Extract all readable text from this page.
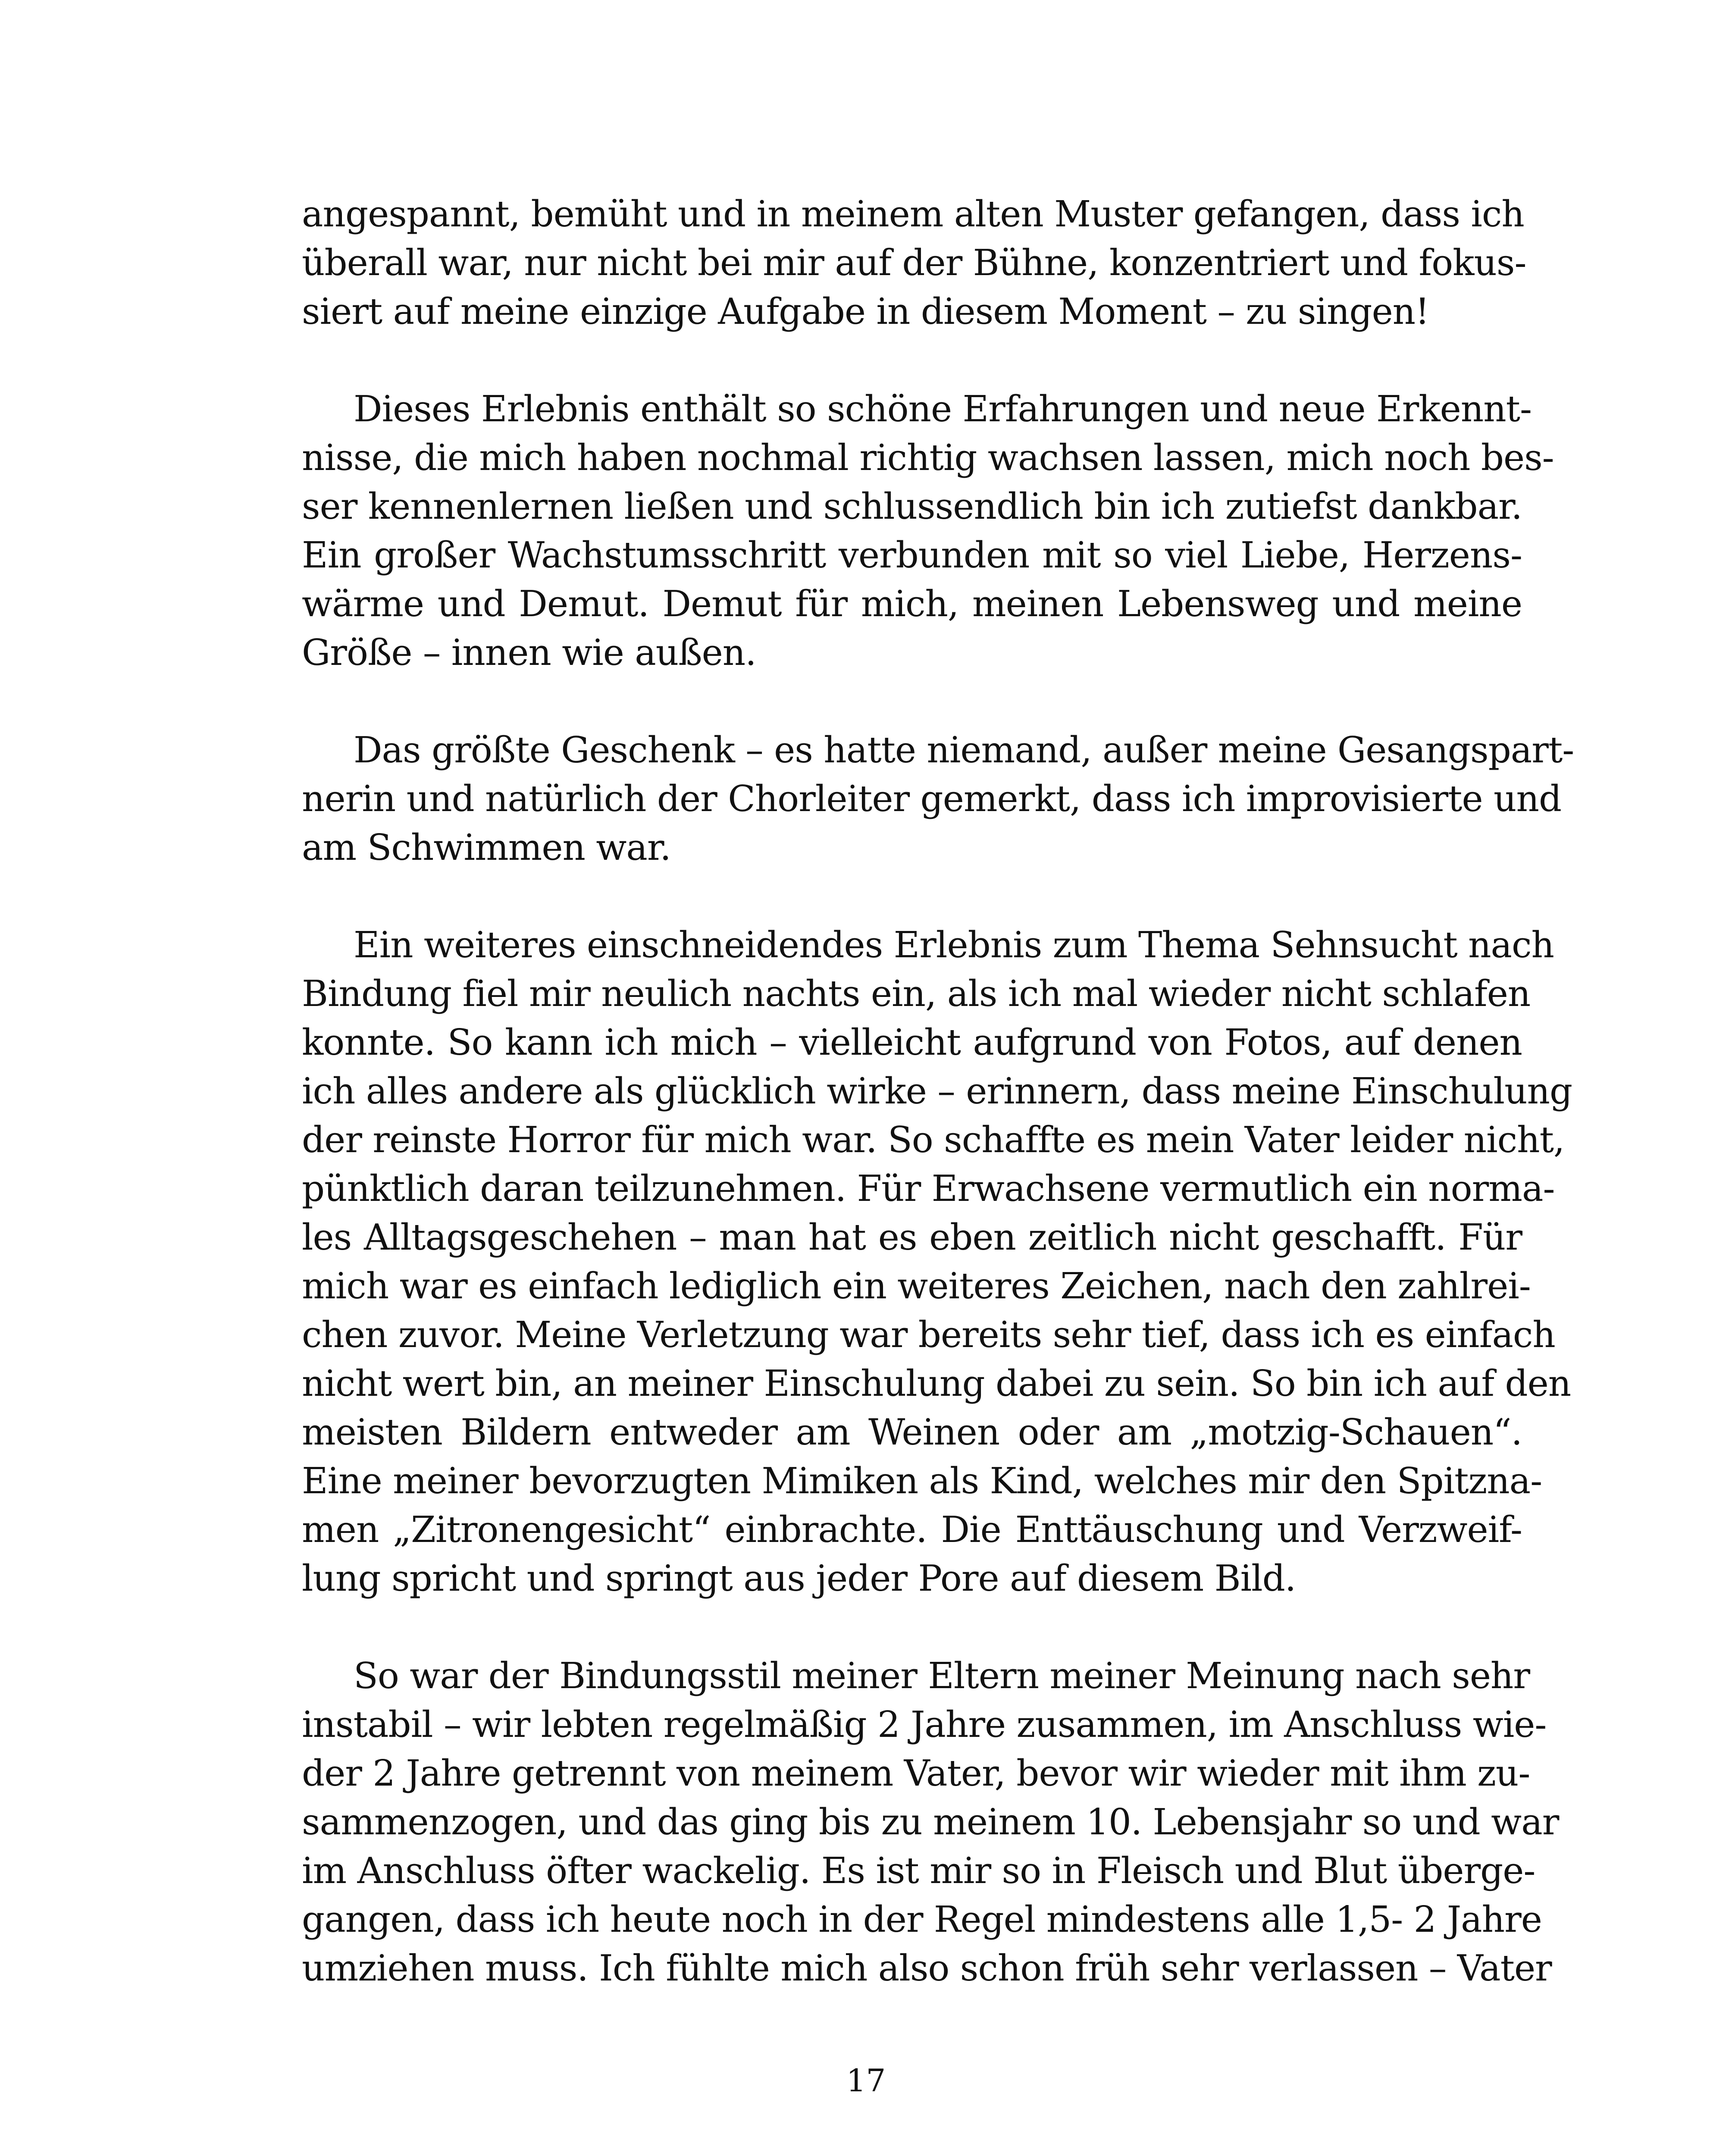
angespannt, bemüht und in meinem alten Muster gefangen, dass ich
überall war, nur nicht bei mir auf der Bühne, konzentriert und fokus-
siert auf meine einzige Aufgabe in diesem Moment – zu singen!
Dieses Erlebnis enthält so schöne Erfahrungen und neue Erkennt-
nisse, die mich haben nochmal richtig wachsen lassen, mich noch bes-
ser kennenlernen ließen und schlussendlich bin ich zutiefst dankbar.
Ein großer Wachstumsschritt verbunden mit so viel Liebe, Herzens-
wärme und Demut. Demut für mich, meinen Lebensweg und meine
Größe – innen wie außen.
Das größte Geschenk – es hatte niemand, außer meine Gesangspart-
nerin und natürlich der Chorleiter gemerkt, dass ich improvisierte und
am Schwimmen war.
Ein weiteres einschneidendes Erlebnis zum Thema Sehnsucht nach
Bindung fiel mir neulich nachts ein, als ich mal wieder nicht schlafen
konnte. So kann ich mich – vielleicht aufgrund von Fotos, auf denen
ich alles andere als glücklich wirke – erinnern, dass meine Einschulung
der reinste Horror für mich war. So schaffte es mein Vater leider nicht,
pünktlich daran teilzunehmen. Für Erwachsene vermutlich ein norma-
les Alltagsgeschehen – man hat es eben zeitlich nicht geschafft. Für
mich war es einfach lediglich ein weiteres Zeichen, nach den zahlrei-
chen zuvor. Meine Verletzung war bereits sehr tief, dass ich es einfach
nicht wert bin, an meiner Einschulung dabei zu sein. So bin ich auf den
meisten Bildern entweder am Weinen oder am „motzig-Schauen“.
Eine meiner bevorzugten Mimiken als Kind, welches mir den Spitzna-
men „Zitronengesicht“ einbrachte. Die Enttäuschung und Verzweif-
lung spricht und springt aus jeder Pore auf diesem Bild.
So war der Bindungsstil meiner Eltern meiner Meinung nach sehr
instabil – wir lebten regelmäßig 2 Jahre zusammen, im Anschluss wie-
der 2 Jahre getrennt von meinem Vater, bevor wir wieder mit ihm zu-
sammenzogen, und das ging bis zu meinem 10. Lebensjahr so und war
im Anschluss öfter wackelig. Es ist mir so in Fleisch und Blut überge-
gangen, dass ich heute noch in der Regel mindestens alle 1,5- 2 Jahre
umziehen muss. Ich fühlte mich also schon früh sehr verlassen – Vater
17
